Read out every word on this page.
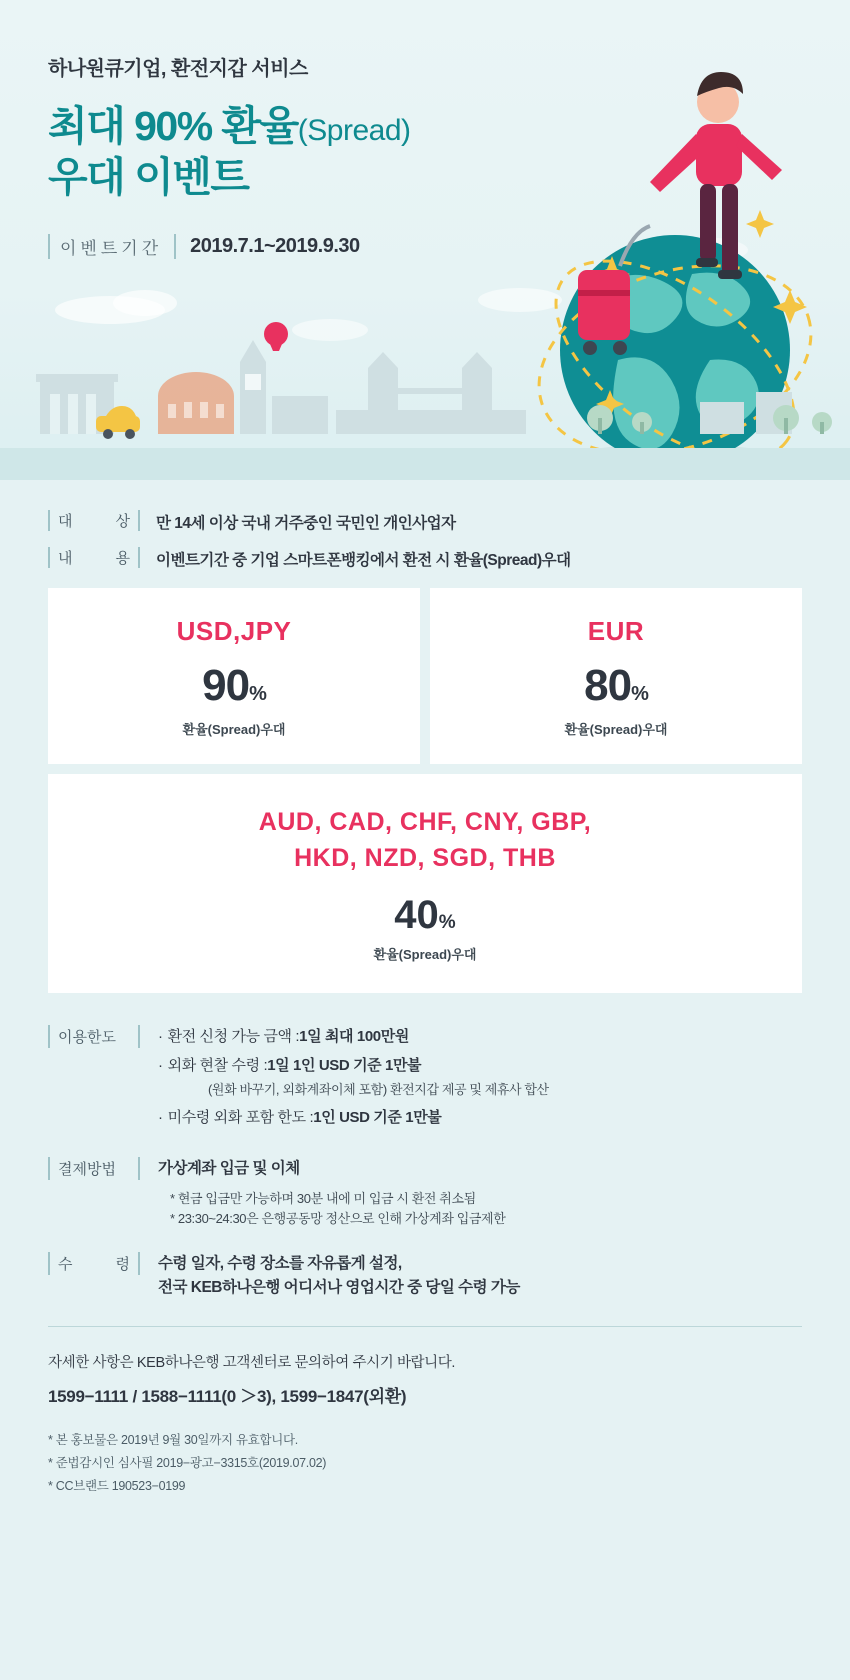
하나원큐기업, 환전지갑 서비스
최대 90% 환율(Spread)
우대 이벤트
이벤트기간	2019.7.1~2019.9.30
대	상 만 14세 이상 국내 거주중인 국민인 개인사업자
내	용 이벤트기간 중 기업 스마트폰뱅킹에서 환전 시 환율(Spread)우대
USD,JPY
90%
환율(Spread)우대
EUR
80%
환율(Spread)우대
AUD, CAD, CHF, CNY, GBP,
HKD, NZD, SGD, THB
40%
환율(Spread)우대
이용한도	· 환전 신청 가능 금액 : 1일 최대 100만원
· 외화 현찰 수령 : 1일 1인 USD 기준 1만불
(원화 바꾸기, 외화계좌이체 포함) 환전지갑 제공 및 제휴사 합산
· 미수령 외화 포함 한도 : 1인 USD 기준 1만불
결제방법	가상계좌 입금 및 이체
* 현금 입금만 가능하며 30분 내에 미 입금 시 환전 취소됨
* 23:30~24:30은 은행공동망 정산으로 인해 가상계좌 입금제한
수	령 수령 일자, 수령 장소를 자유롭게 설정,
전국 KEB하나은행 어디서나 영업시간 중 당일 수령 가능
자세한 사항은 KEB하나은행 고객센터로 문의하여 주시기 바랍니다.
1599−1111 / 1588−1111(0 ＞3), 1599−1847(외환)
* 본 홍보물은 2019년 9월 30일까지 유효합니다.
* 준법감시인 심사필 2019−광고−3315호(2019.07.02)
* CC브랜드 190523−0199
